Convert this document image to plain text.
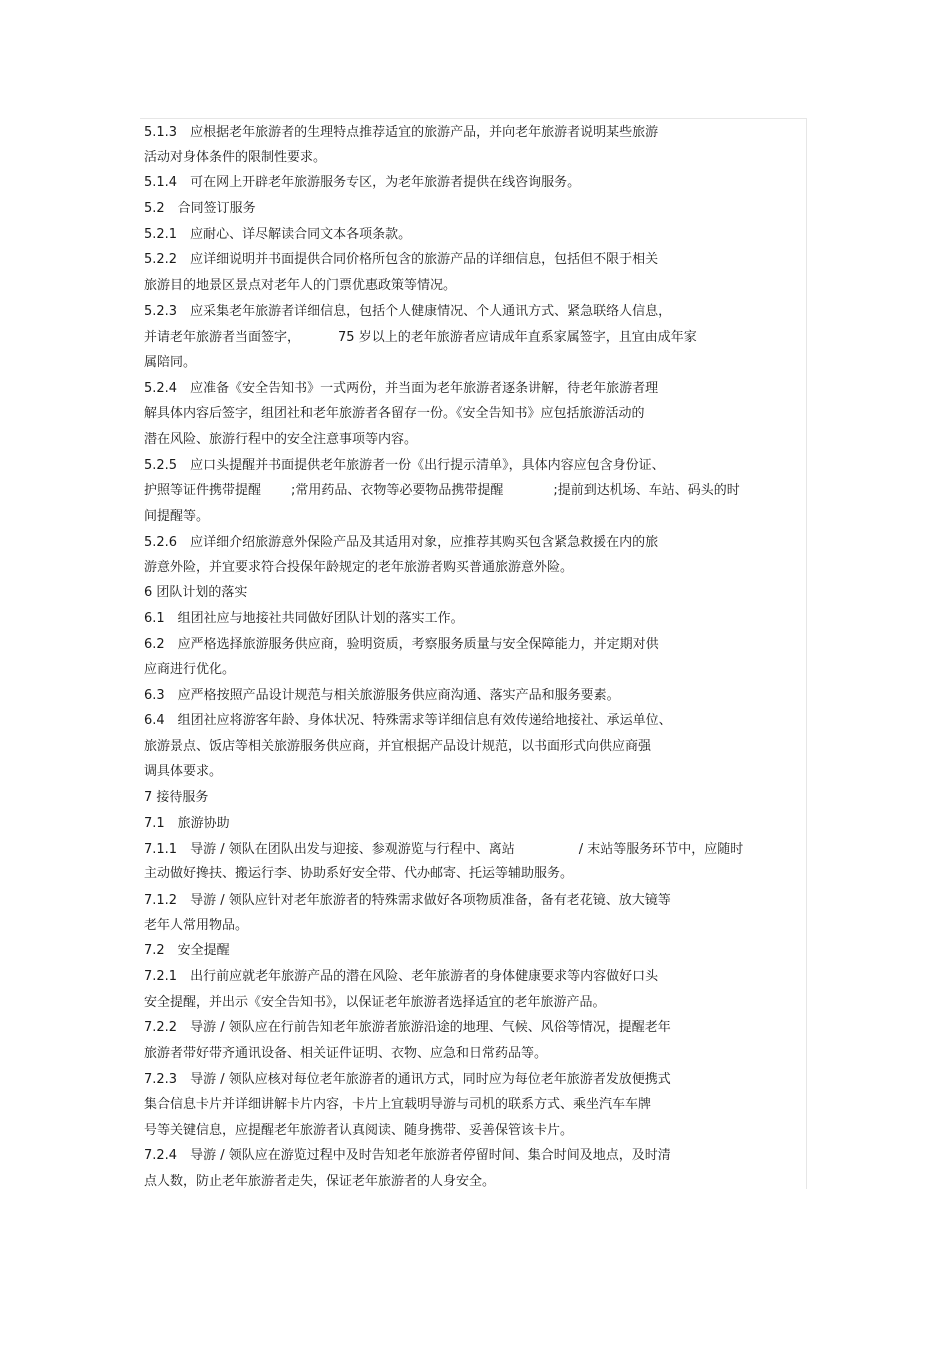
5.1.3　应根据老年旅游者的生理特点推荐适宜的旅游产品，并向老年旅游者说明某些旅游
活动对身体条件的限制性要求。
5.1.4　可在网上开辟老年旅游服务专区，为老年旅游者提供在线咨询服务。
5.2　合同签订服务
5.2.1　应耐心、详尽解读合同文本各项条款。
5.2.2　应详细说明并书面提供合同价格所包含的旅游产品的详细信息，包括但不限于相关
旅游目的地景区景点对老年人的门票优惠政策等情况。
5.2.3　应采集老年旅游者详细信息，包括个人健康情况、个人通讯方式、紧急联络人信息，
并请老年旅游者当面签字，	75 岁以上的老年旅游者应请成年直系家属签字，且宜由成年家
属陪同。
5.2.4　应准备《安全告知书》一式两份，并当面为老年旅游者逐条讲解，待老年旅游者理
解具体内容后签字，组团社和老年旅游者各留存一份。《安全告知书》应包括旅游活动的
潜在风险、旅游行程中的安全注意事项等内容。
5.2.5　应口头提醒并书面提供老年旅游者一份《出行提示清单》，具体内容应包含身份证、
护照等证件携带提醒 ;常用药品、衣物等必要物品携带提醒	;提前到达机场、车站、码头的时
间提醒等。
5.2.6　应详细介绍旅游意外保险产品及其适用对象，应推荐其购买包含紧急救援在内的旅
游意外险，并宜要求符合投保年龄规定的老年旅游者购买普通旅游意外险。
6 团队计划的落实
6.1　组团社应与地接社共同做好团队计划的落实工作。
6.2　应严格选择旅游服务供应商，验明资质，考察服务质量与安全保障能力，并定期对供
应商进行优化。
6.3　应严格按照产品设计规范与相关旅游服务供应商沟通、落实产品和服务要素。
6.4　组团社应将游客年龄、身体状况、特殊需求等详细信息有效传递给地接社、承运单位、
旅游景点、饭店等相关旅游服务供应商，并宜根据产品设计规范，以书面形式向供应商强
调具体要求。
7 接待服务
7.1　旅游协助
7.1.1　导游 / 领队在团队出发与迎接、参观游览与行程中、离站	/ 末站等服务环节中，应随时
主动做好搀扶、搬运行李、协助系好安全带、代办邮寄、托运等辅助服务。
7.1.2　导游 / 领队应针对老年旅游者的特殊需求做好各项物质准备，备有老花镜、放大镜等
老年人常用物品。
7.2　安全提醒
7.2.1　出行前应就老年旅游产品的潜在风险、老年旅游者的身体健康要求等内容做好口头
安全提醒，并出示《安全告知书》，以保证老年旅游者选择适宜的老年旅游产品。
7.2.2　导游 / 领队应在行前告知老年旅游者旅游沿途的地理、气候、风俗等情况，提醒老年
旅游者带好带齐通讯设备、相关证件证明、衣物、应急和日常药品等。
7.2.3　导游 / 领队应核对每位老年旅游者的通讯方式，同时应为每位老年旅游者发放便携式
集合信息卡片并详细讲解卡片内容，卡片上宜载明导游与司机的联系方式、乘坐汽车车牌
号等关键信息，应提醒老年旅游者认真阅读、随身携带、妥善保管该卡片。
7.2.4　导游 / 领队应在游览过程中及时告知老年旅游者停留时间、集合时间及地点，及时清
点人数，防止老年旅游者走失，保证老年旅游者的人身安全。
